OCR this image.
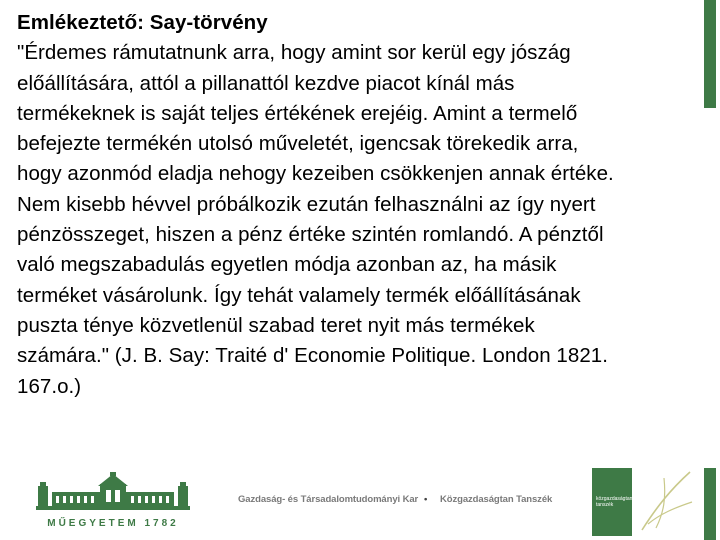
Emlékeztető: Say-törvény
"Érdemes rámutatnunk arra, hogy amint sor kerül egy jószág
előállítására, attól a pillanattól kezdve piacot kínál más
termékeknek is saját teljes értékének erejéig. Amint a termelő
befejezte termékén utolsó műveletét, igencsak törekedik arra,
hogy azonmód eladja nehogy kezeiben csökkenjen annak értéke.
Nem kisebb hévvel próbálkozik ezután felhasználni az így nyert
pénzösszeget, hiszen a pénz értéke szintén romlandó. A pénztől
való megszabadulás egyetlen módja azonban az, ha másik
terméket vásárolunk. Így tehát valamely termék előállításának
puszta ténye közvetlenül szabad teret nyit más termékek
számára." (J. B. Say: Traité d' Economie Politique. London 1821.
167.o.)
MŰEGYETEM 1782
Gazdaság- és Társadalomtudományi Kar • Közgazdaságtan Tanszék	közgazdaságtan tanszék
